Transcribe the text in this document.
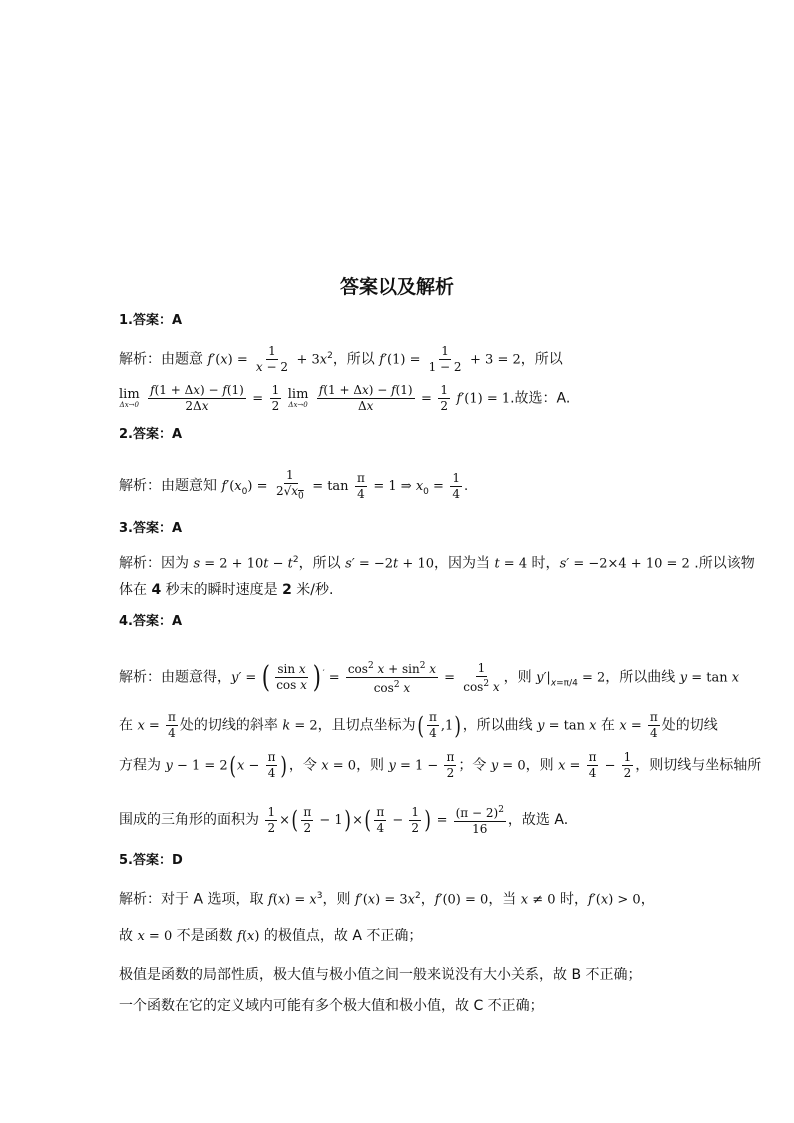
答案以及解析
1.答案：A
解析：由题意 $f'(x) = \frac{1}{x - 2} + 3x^2$，所以 $f'(1) = \frac{1}{1 - 2} + 3 = 2$，所以
lim
Δx→0
$\frac{f(1 + \Delta x) - f(1)}{2\Delta x} = \frac{1}{2}$
lim
Δx→0
$\frac{f(1 + \Delta x) - f(1)}{\Delta x} = \frac{1}{2} f'(1) = 1$.故选：A.
2.答案：A
解析：由题意知 $f'(x_0) = \frac{1}{2√x_0} = \tan \frac{\pi}{4} = 1$ ⇒ $x_0 = \frac{1}{4}$ .
3.答案：A
解析：因为 $s = 2 + 10t - t^2$，所以 s′ = −2t + 10，因为当 t = 4 时，s′ = −2×4 + 10 = 2 .所以该物
体在 4 秒末的瞬时速度是 2 米/秒.
4.答案：A
解析：由题意得，y′ = ( $\frac{\text{sin x}}{\text{cos x}}$ ) $' = \frac{\cos^2 x + \sin^2 x}{\cos^2 x} = \frac{1}{\cos^2 x}$ ，则 $y'|_{x=\pi/4} = 2$，所以曲线 y = tan x
在 $x = \frac{\pi}{4}$ 处的切线的斜率 k = 2，且切点坐标为( $\frac{\pi}{4} ,1$)，所以曲线 y = tan x 在 $x = \frac{\pi}{4}$ 处的切线
方程为 $y - 1 = 2(x - \frac{\pi}{4}$ )，令 x = 0，则 $y = 1 - \frac{\pi}{2}$ ；令 y = 0，则 $x = \frac{\pi}{4} - \frac{1}{2}$ ，则切线与坐标轴所
围成的三角形的面积为 $\frac{1}{2}$ ×( $\frac{\pi}{2} - 1)\times( \frac{\pi}{4} - \frac{1}{2}$ ) = $\frac{(\pi - 2)^2}{16}$ ，故选 A.
5.答案：D
解析：对于 A 选项，取 $f(x) = x^3$，则 $f'(x) = 3x^2$，f′(0) = 0，当 x ≠ 0 时，f′(x) > 0，
故 x = 0 不是函数 f(x) 的极值点，故 A 不正确；
极值是函数的局部性质，极大值与极小值之间一般来说没有大小关系，故 B 不正确；
一个函数在它的定义域内可能有多个极大值和极小值，故 C 不正确；
